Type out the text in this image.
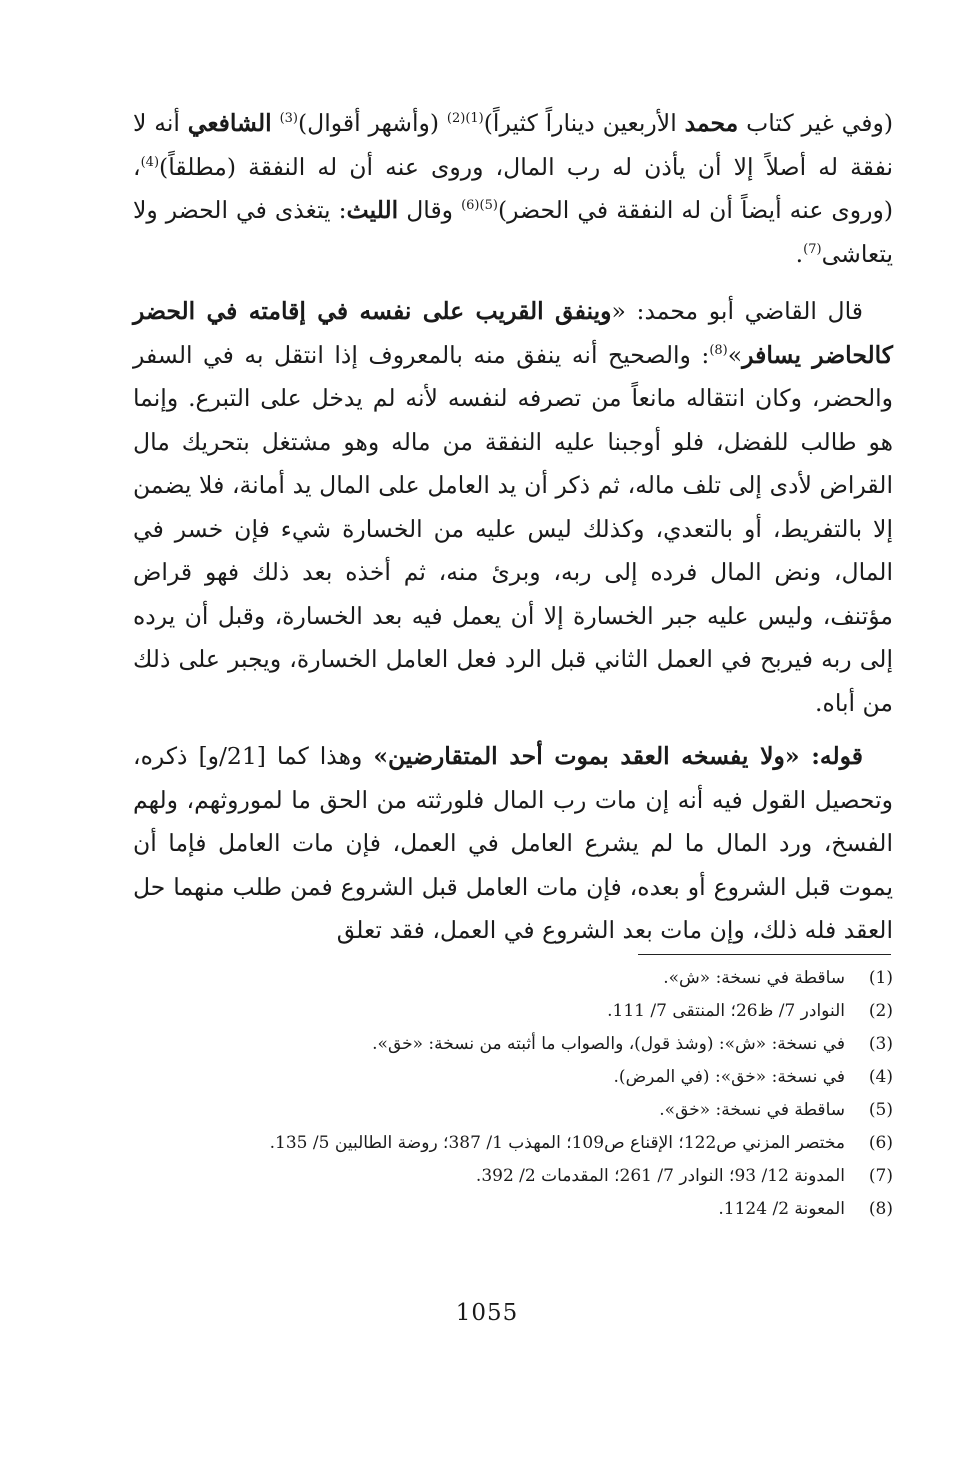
(وفي غير كتاب محمد الأربعين ديناراً كثيراً)$^{(1)(2)}$ (وأشهر أقوال)$^{(3)}$ الشافعي أنه لا نفقة له أصلاً إلا أن يأذن له رب المال، وروى عنه أن له النفقة (مطلقاً)$^{(4)}$، (وروى عنه أيضاً أن له النفقة في الحضر)$^{(5)(6)}$ وقال الليث: يتغذى في الحضر ولا يتعاشى$^{(7)}$.

قال القاضي أبو محمد: «وينفق القريب على نفسه في إقامته في الحضر كالحاضر يسافر»$^{(8)}$: والصحيح أنه ينفق منه بالمعروف إذا انتقل به في السفر والحضر، وكان انتقاله مانعاً من تصرفه لنفسه لأنه لم يدخل على التبرع. وإنما هو طالب للفضل، فلو أوجبنا عليه النفقة من ماله وهو مشتغل بتحريك مال القراض لأدى إلى تلف ماله، ثم ذكر أن يد العامل على المال يد أمانة، فلا يضمن إلا بالتفريط، أو بالتعدي، وكذلك ليس عليه من الخسارة شيء فإن خسر في المال، ونض المال فرده إلى ربه، وبرئ منه، ثم أخذه بعد ذلك فهو قراض مؤتنف، وليس عليه جبر الخسارة إلا أن يعمل فيه بعد الخسارة، وقبل أن يرده إلى ربه فيربح في العمل الثاني قبل الرد فعل العامل الخسارة، ويجبر على ذلك من أباه.

قوله: «ولا يفسخه العقد بموت أحد المتقارضين» وهذا كما [21/و] ذكره، وتحصيل القول فيه أنه إن مات رب المال فلورثته من الحق ما لموروثهم، ولهم الفسخ، ورد المال ما لم يشرع العامل في العمل، فإن مات العامل فإما أن يموت قبل الشروع أو بعده، فإن مات العامل قبل الشروع فمن طلب منهما حل العقد فله ذلك، وإن مات بعد الشروع في العمل، فقد تعلق

(1)
ساقطة في نسخة: «ش».
(2)
النوادر 7/ ظ26؛ المنتقى 7/ 111.
(3)
في نسخة: «ش»: (وشذ قول)، والصواب ما أثبته من نسخة: «خق».
(4)
في نسخة: «خق»: (في المرض).
(5)
ساقطة في نسخة: «خق».
(6)
مختصر المزني ص122؛ الإقناع ص109؛ المهذب 1/ 387؛ روضة الطالبين 5/ 135.
(7)
المدونة 12/ 93؛ النوادر 7/ 261؛ المقدمات 2/ 392.
(8)
المعونة 2/ 1124.
1055
